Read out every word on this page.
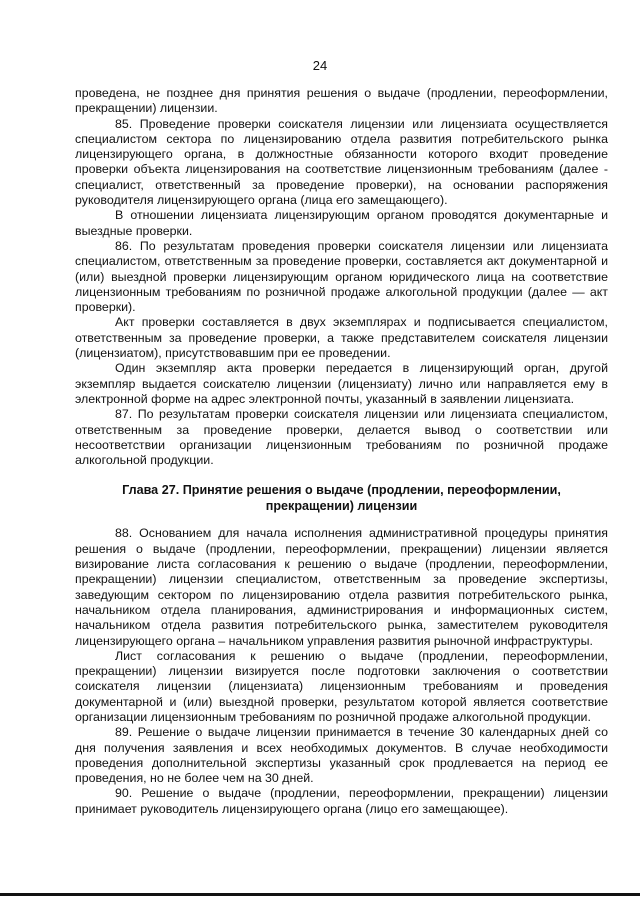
24

проведена, не позднее дня принятия решения о выдаче (продлении, переоформлении, прекращении) лицензии.

85. Проведение проверки соискателя лицензии или лицензиата осуществляется специалистом сектора по лицензированию отдела развития потребительского рынка лицензирующего органа, в должностные обязанности которого входит проведение проверки объекта лицензирования на соответствие лицензионным требованиям (далее - специалист, ответственный за проведение проверки), на основании распоряжения руководителя лицензирующего органа (лица его замещающего).

В отношении лицензиата лицензирующим органом проводятся документарные и выездные проверки.

86. По результатам проведения проверки соискателя лицензии или лицензиата специалистом, ответственным за проведение проверки, составляется акт документарной и (или) выездной проверки лицензирующим органом юридического лица на соответствие лицензионным требованиям по розничной продаже алкогольной продукции (далее — акт проверки).

Акт проверки составляется в двух экземплярах и подписывается специалистом, ответственным за проведение проверки, а также представителем соискателя лицензии (лицензиатом), присутствовавшим при ее проведении.

Один экземпляр акта проверки передается в лицензирующий орган, другой экземпляр выдается соискателю лицензии (лицензиату) лично или направляется ему в электронной форме на адрес электронной почты, указанный в заявлении лицензиата.

87. По результатам проверки соискателя лицензии или лицензиата специалистом, ответственным за проведение проверки, делается вывод о соответствии или несоответствии организации лицензионным требованиям по розничной продаже алкогольной продукции.

Глава 27. Принятие решения о выдаче (продлении, переоформлении, прекращении) лицензии

88. Основанием для начала исполнения административной процедуры принятия решения о выдаче (продлении, переоформлении, прекращении) лицензии является визирование листа согласования к решению о выдаче (продлении, переоформлении, прекращении) лицензии специалистом, ответственным за проведение экспертизы, заведующим сектором по лицензированию отдела развития потребительского рынка, начальником отдела планирования, администрирования и информационных систем, начальником отдела развития потребительского рынка, заместителем руководителя лицензирующего органа – начальником управления развития рыночной инфраструктуры.

Лист согласования к решению о выдаче (продлении, переоформлении, прекращении) лицензии визируется после подготовки заключения о соответствии соискателя лицензии (лицензиата) лицензионным требованиям и проведения документарной и (или) выездной проверки, результатом которой является соответствие организации лицензионным требованиям по розничной продаже алкогольной продукции.

89. Решение о выдаче лицензии принимается в течение 30 календарных дней со дня получения заявления и всех необходимых документов. В случае необходимости проведения дополнительной экспертизы указанный срок продлевается на период ее проведения, но не более чем на 30 дней.

90. Решение о выдаче (продлении, переоформлении, прекращении) лицензии принимает руководитель лицензирующего органа (лицо его замещающее).
